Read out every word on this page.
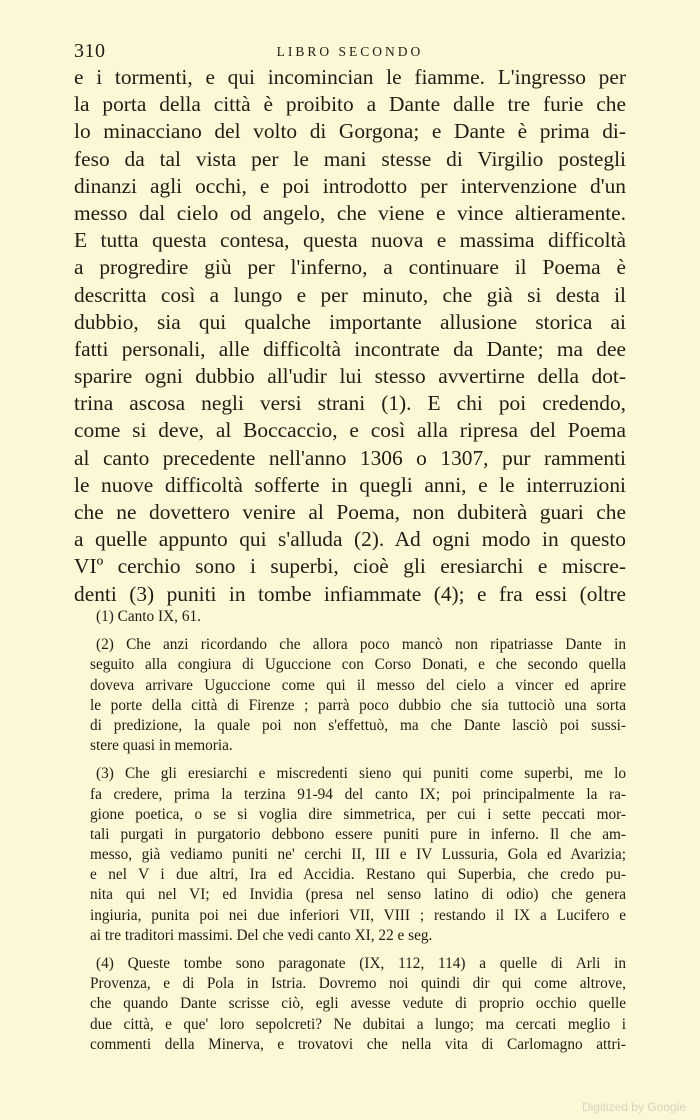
310	LIBRO SECONDO
e i tormenti, e qui incomincian le fiamme. L'ingresso per
la porta della città è proibito a Dante dalle tre furie che
lo minacciano del volto di Gorgona; e Dante è prima di-
feso da tal vista per le mani stesse di Virgilio postegli
dinanzi agli occhi, e poi introdotto per intervenzione d'un
messo dal cielo od angelo, che viene e vince altieramente.
E tutta questa contesa, questa nuova e massima difficoltà
a progredire giù per l'inferno, a continuare il Poema è
descritta così a lungo e per minuto, che già si desta il
dubbio, sia qui qualche importante allusione storica ai
fatti personali, alle difficoltà incontrate da Dante; ma dee
sparire ogni dubbio all'udir lui stesso avvertirne della dot-
trina ascosa negli versi strani (1). E chi poi credendo,
come si deve, al Boccaccio, e così alla ripresa del Poema
al canto precedente nell'anno 1306 o 1307, pur rammenti
le nuove difficoltà sofferte in quegli anni, e le interruzioni
che ne dovettero venire al Poema, non dubiterà guari che
a quelle appunto qui s'alluda (2). Ad ogni modo in questo
VIº cerchio sono i superbi, cioè gli eresiarchi e miscre-
denti (3) puniti in tombe infiammate (4); e fra essi (oltre
(1) Canto IX, 61.
(2) Che anzi ricordando che allora poco mancò non ripatriasse Dante in
seguito alla congiura di Uguccione con Corso Donati, e che secondo quella
doveva arrivare Uguccione come qui il messo del cielo a vincer ed aprire
le porte della città di Firenze ; parrà poco dubbio che sia tuttociò una sorta
di predizione, la quale poi non s'effettuò, ma che Dante lasciò poi sussi-
stere quasi in memoria.
(3) Che gli eresiarchi e miscredenti sieno qui puniti come superbi, me lo
fa credere, prima la terzina 91-94 del canto IX; poi principalmente la ra-
gione poetica, o se si voglia dire simmetrica, per cui i sette peccati mor-
tali purgati in purgatorio debbono essere puniti pure in inferno. Il che am-
messo, già vediamo puniti ne' cerchi II, III e IV Lussuria, Gola ed Avarizia;
e nel V i due altri, Ira ed Accidia. Restano qui Superbia, che credo pu-
nita qui nel VI; ed Invidia (presa nel senso latino di odio) che genera
ingiuria, punita poi nei due inferiori VII, VIII ; restando il IX a Lucifero e
ai tre traditori massimi. Del che vedi canto XI, 22 e seg.
(4) Queste tombe sono paragonate (IX, 112, 114) a quelle di Arli in
Provenza, e di Pola in Istria. Dovremo noi quindi dir qui come altrove,
che quando Dante scrisse ciò, egli avesse vedute di proprio occhio quelle
due città, e que' loro sepolcreti? Ne dubitai a lungo; ma cercati meglio i
commenti della Minerva, e trovatovi che nella vita di Carlomagno attri-
Digitized by Google
